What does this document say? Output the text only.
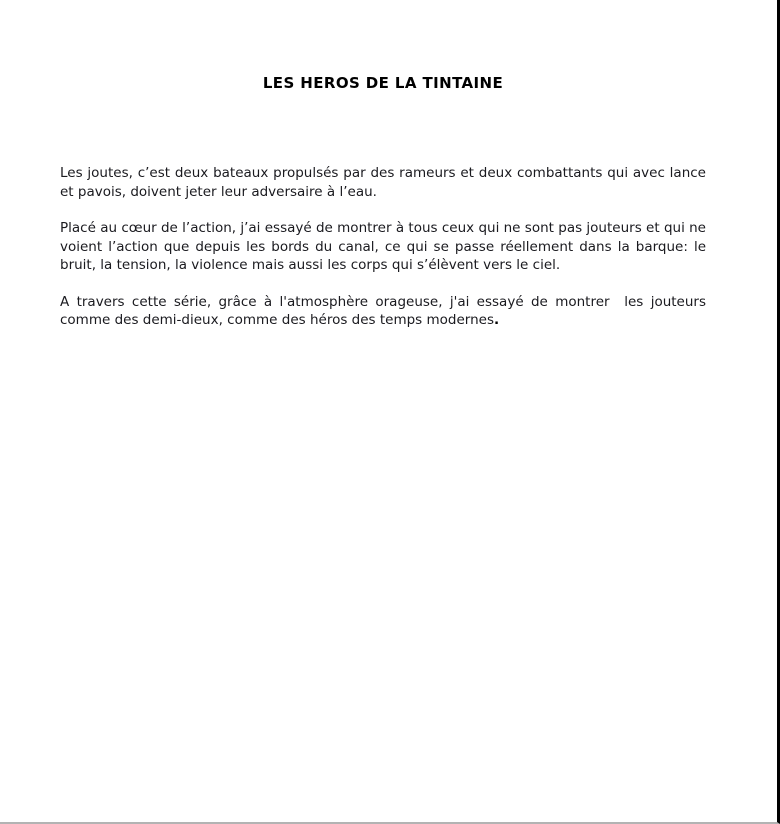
LES HEROS DE LA TINTAINE

Les joutes, c’est deux bateaux propulsés par des rameurs et deux combattants qui avec lance et pavois, doivent jeter leur adversaire à l’eau.

Placé au cœur de l’action, j’ai essayé de montrer à tous ceux qui ne sont pas jouteurs et qui ne voient l’action que depuis les bords du canal, ce qui se passe réellement dans la barque: le bruit, la tension, la violence mais aussi les corps qui s’élèvent vers le ciel.

A travers cette série, grâce à l'atmosphère orageuse, j'ai essayé de montrer  les jouteurs comme des demi-dieux, comme des héros des temps modernes.
